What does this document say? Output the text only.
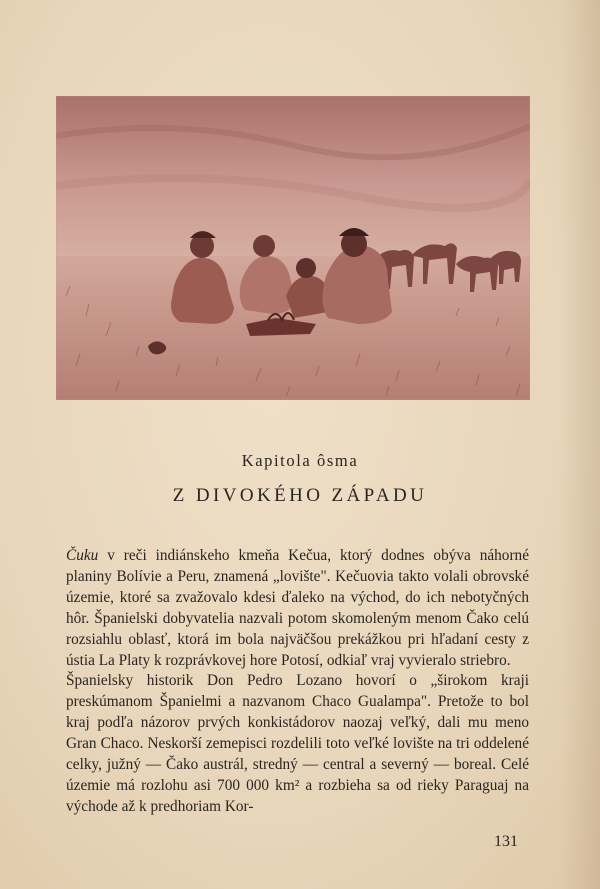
Kapitola ôsma
Z DIVOKÉHO ZÁPADU

Čuku v reči indiánskeho kmeňa Kečua, ktorý dodnes obýva náhorné planiny Bolívie a Peru, znamená „lovište". Kečuovia takto volali obrovské územie, ktoré sa zvažovalo kdesi ďaleko na východ, do ich nebotyčných hôr. Španielski dobyvatelia nazvali potom skomoleným menom Čako celú rozsiahlu oblasť, ktorá im bola najväčšou prekážkou pri hľadaní cesty z ústia La Platy k rozprávkovej hore Potosí, odkiaľ vraj vyvieralo striebro.

Španielsky historik Don Pedro Lozano hovorí o „širokom kraji preskúmanom Španielmi a nazvanom Chaco Gualampa". Pretože to bol kraj podľa názorov prvých konkistádorov naozaj veľký, dali mu meno Gran Chaco. Neskorší zemepisci rozdelili toto veľké lovište na tri oddelené celky, južný — Čako austrál, stredný — central a severný — boreal. Celé územie má rozlohu asi 700 000 km² a rozbieha sa od rieky Paraguaj na východe až k predhoriam Kor-

131
